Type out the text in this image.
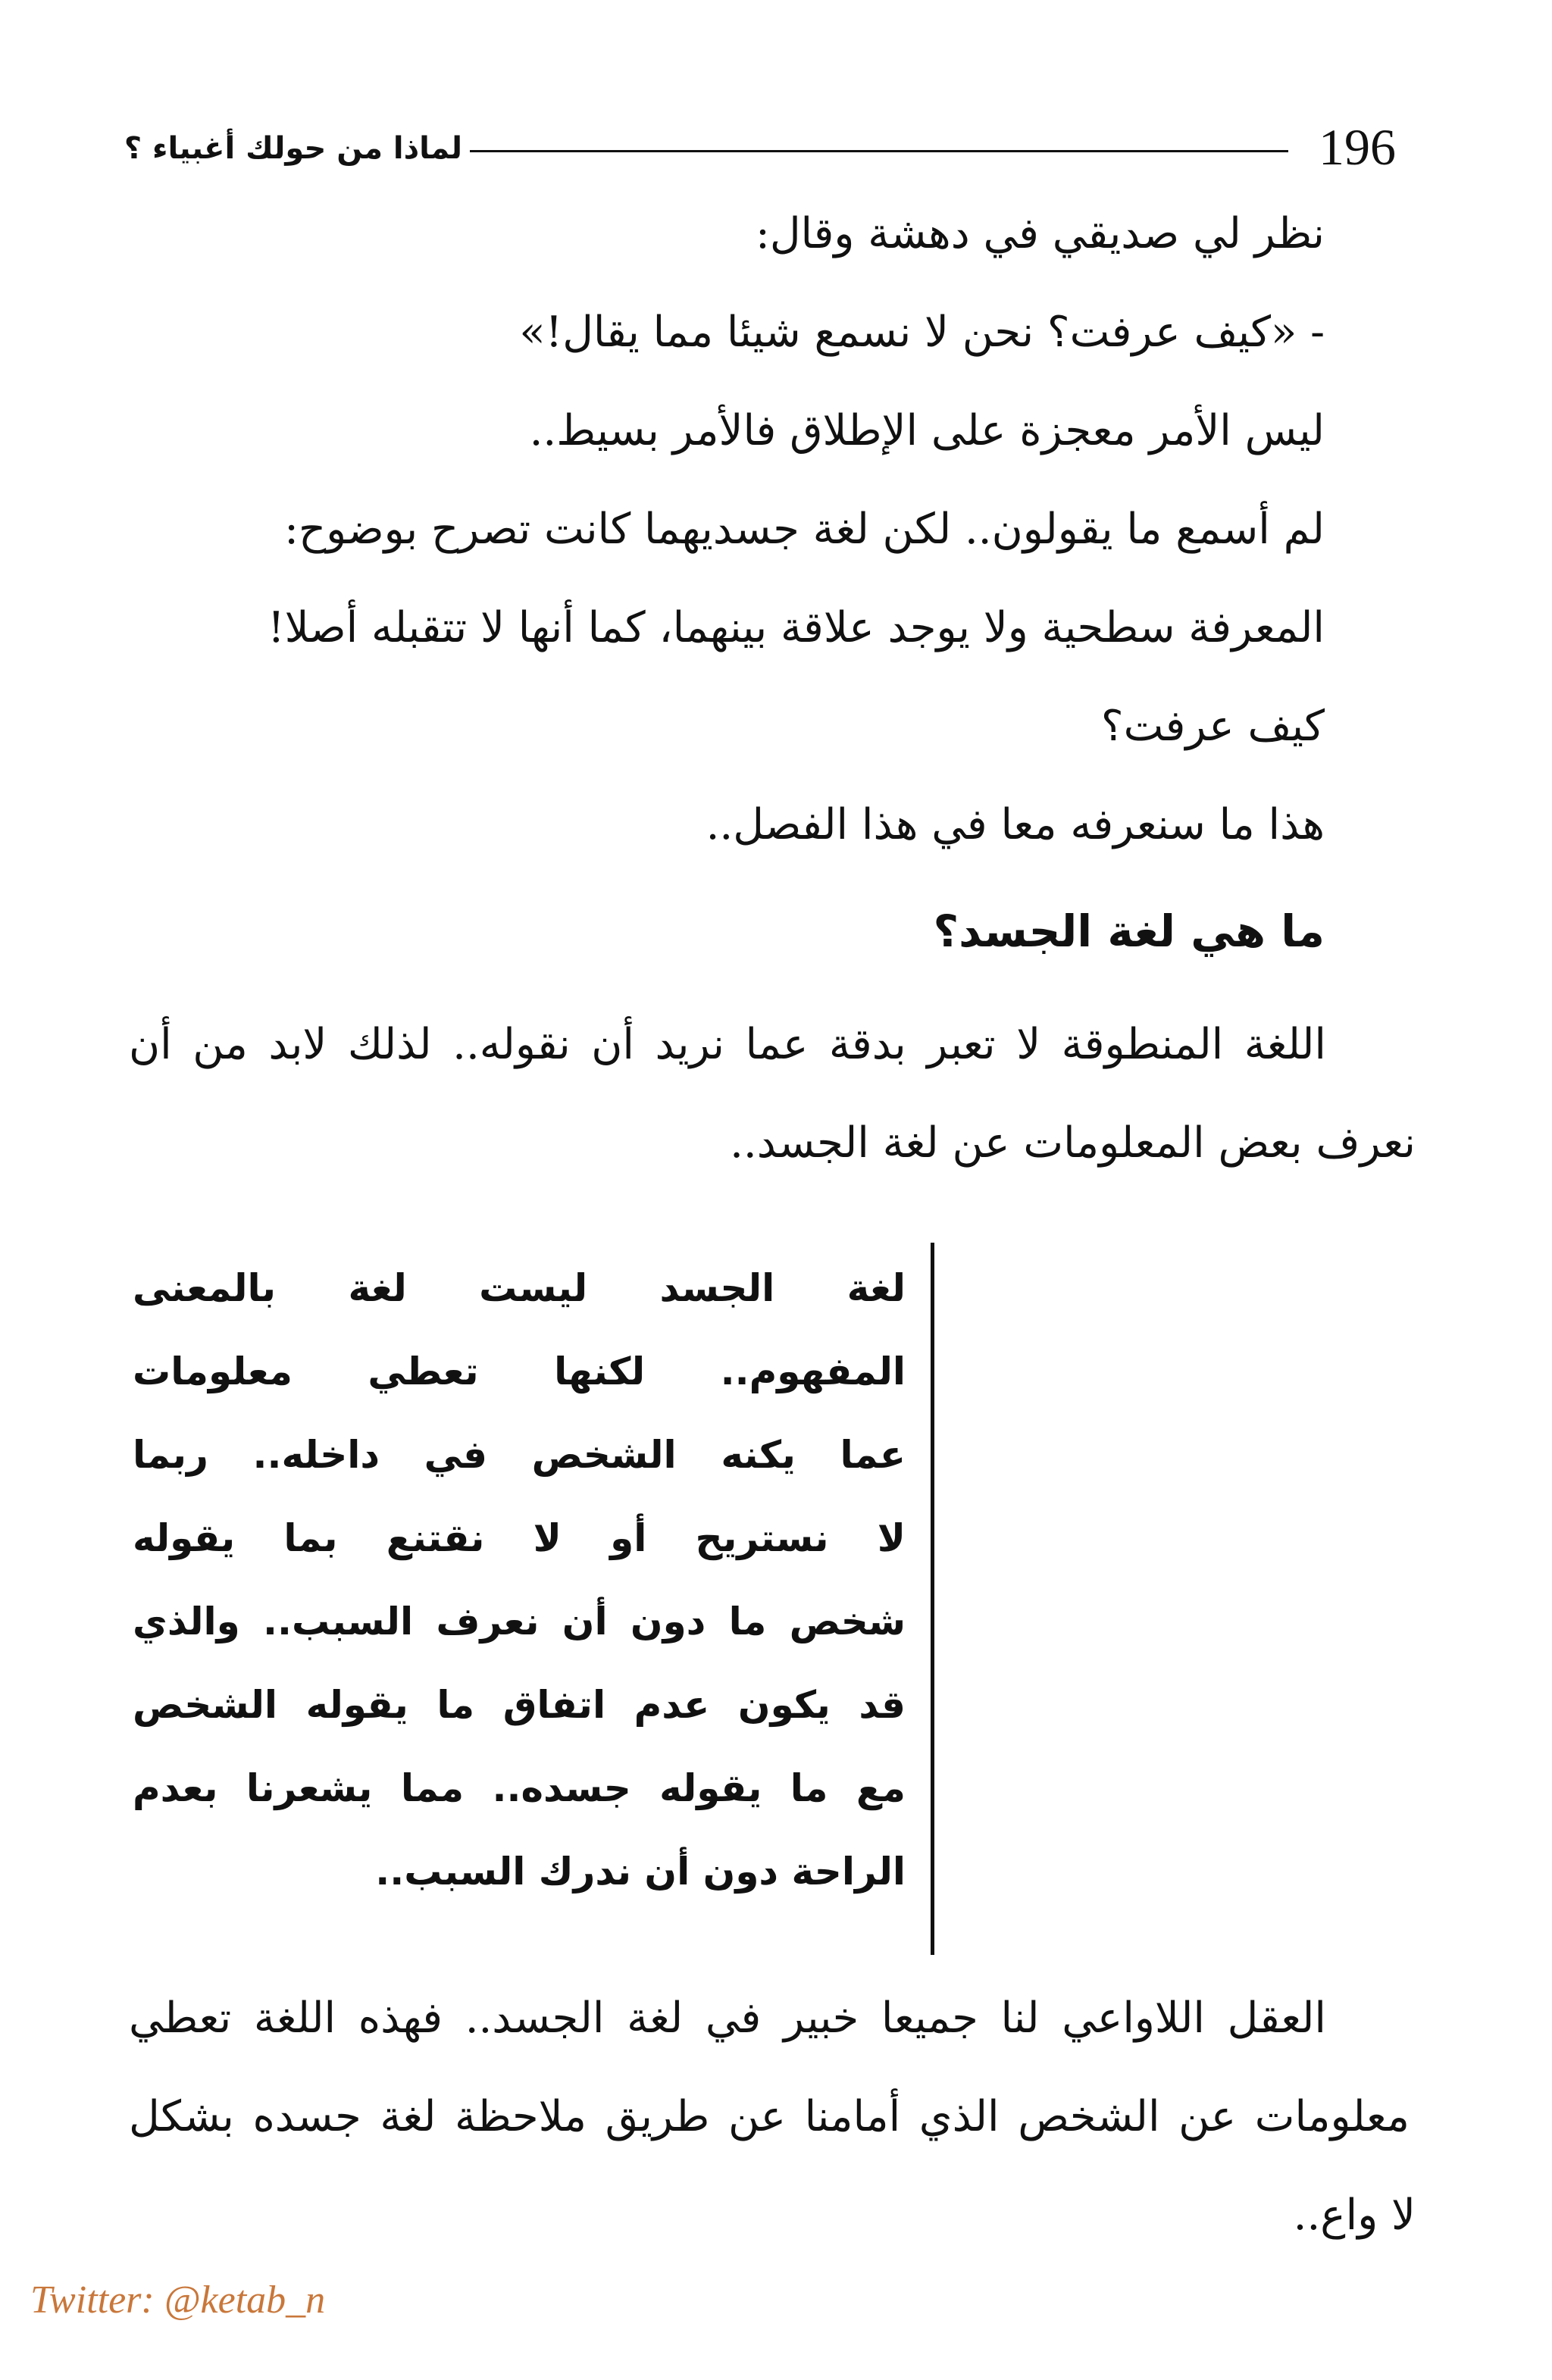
196
لماذا من حولك أغبياء ؟
نظر لي صديقي في دهشة وقال:
- «كيف عرفت؟ نحن لا نسمع شيئا مما يقال!»
ليس الأمر معجزة على الإطلاق فالأمر بسيط..
لم أسمع ما يقولون.. لكن لغة جسديهما كانت تصرح بوضوح:
المعرفة سطحية ولا يوجد علاقة بينهما، كما أنها لا تتقبله أصلا!
كيف عرفت؟
هذا ما سنعرفه معا في هذا الفصل..
ما هي لغة الجسد؟
اللغة المنطوقة لا تعبر بدقة عما نريد أن نقوله.. لذلك لابد من أن
نعرف بعض المعلومات عن لغة الجسد..
لغة الجسد ليست لغة بالمعنى
المفهوم.. لكنها تعطي معلومات
عما يكنه الشخص في داخله.. ربما
لا نستريح أو لا نقتنع بما يقوله
شخص ما دون أن نعرف السبب.. والذي
قد يكون عدم اتفاق ما يقوله الشخص
مع ما يقوله جسده.. مما يشعرنا بعدم
الراحة دون أن ندرك السبب..
العقل اللاواعي لنا جميعا خبير في لغة الجسد.. فهذه اللغة تعطي
معلومات عن الشخص الذي أمامنا عن طريق ملاحظة لغة جسده بشكل
لا واع..
Twitter: @ketab_n
